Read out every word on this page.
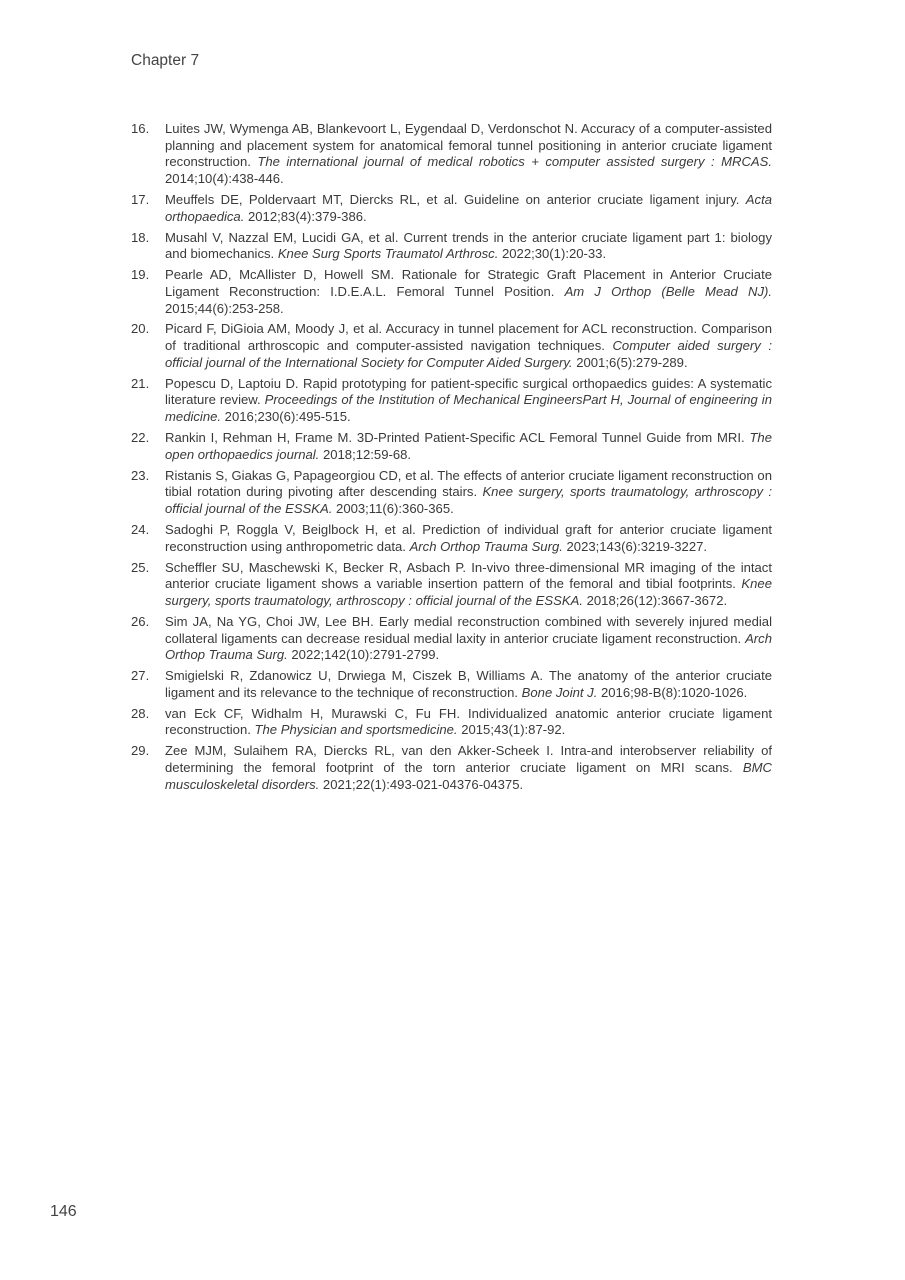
Chapter 7
16.	Luites JW, Wymenga AB, Blankevoort L, Eygendaal D, Verdonschot N. Accuracy of a computer-assisted planning and placement system for anatomical femoral tunnel positioning in anterior cruciate ligament reconstruction. The international journal of medical robotics + computer assisted surgery : MRCAS. 2014;10(4):438-446.
17.	Meuffels DE, Poldervaart MT, Diercks RL, et al. Guideline on anterior cruciate ligament injury. Acta orthopaedica. 2012;83(4):379-386.
18.	Musahl V, Nazzal EM, Lucidi GA, et al. Current trends in the anterior cruciate ligament part 1: biology and biomechanics. Knee Surg Sports Traumatol Arthrosc. 2022;30(1):20-33.
19.	Pearle AD, McAllister D, Howell SM. Rationale for Strategic Graft Placement in Anterior Cruciate Ligament Reconstruction: I.D.E.A.L. Femoral Tunnel Position. Am J Orthop (Belle Mead NJ). 2015;44(6):253-258.
20.	Picard F, DiGioia AM, Moody J, et al. Accuracy in tunnel placement for ACL reconstruction. Comparison of traditional arthroscopic and computer-assisted navigation techniques. Computer aided surgery : official journal of the International Society for Computer Aided Surgery. 2001;6(5):279-289.
21.	Popescu D, Laptoiu D. Rapid prototyping for patient-specific surgical orthopaedics guides: A systematic literature review. Proceedings of the Institution of Mechanical EngineersPart H, Journal of engineering in medicine. 2016;230(6):495-515.
22.	Rankin I, Rehman H, Frame M. 3D-Printed Patient-Specific ACL Femoral Tunnel Guide from MRI. The open orthopaedics journal. 2018;12:59-68.
23.	Ristanis S, Giakas G, Papageorgiou CD, et al. The effects of anterior cruciate ligament reconstruction on tibial rotation during pivoting after descending stairs. Knee surgery, sports traumatology, arthroscopy : official journal of the ESSKA. 2003;11(6):360-365.
24.	Sadoghi P, Roggla V, Beiglbock H, et al. Prediction of individual graft for anterior cruciate ligament reconstruction using anthropometric data. Arch Orthop Trauma Surg. 2023;143(6):3219-3227.
25.	Scheffler SU, Maschewski K, Becker R, Asbach P. In-vivo three-dimensional MR imaging of the intact anterior cruciate ligament shows a variable insertion pattern of the femoral and tibial footprints. Knee surgery, sports traumatology, arthroscopy : official journal of the ESSKA. 2018;26(12):3667-3672.
26.	Sim JA, Na YG, Choi JW, Lee BH. Early medial reconstruction combined with severely injured medial collateral ligaments can decrease residual medial laxity in anterior cruciate ligament reconstruction. Arch Orthop Trauma Surg. 2022;142(10):2791-2799.
27.	Smigielski R, Zdanowicz U, Drwiega M, Ciszek B, Williams A. The anatomy of the anterior cruciate ligament and its relevance to the technique of reconstruction. Bone Joint J. 2016;98-B(8):1020-1026.
28.	van Eck CF, Widhalm H, Murawski C, Fu FH. Individualized anatomic anterior cruciate ligament reconstruction. The Physician and sportsmedicine. 2015;43(1):87-92.
29.	Zee MJM, Sulaihem RA, Diercks RL, van den Akker-Scheek I. Intra-and interobserver reliability of determining the femoral footprint of the torn anterior cruciate ligament on MRI scans. BMC musculoskeletal disorders. 2021;22(1):493-021-04376-04375.
146
